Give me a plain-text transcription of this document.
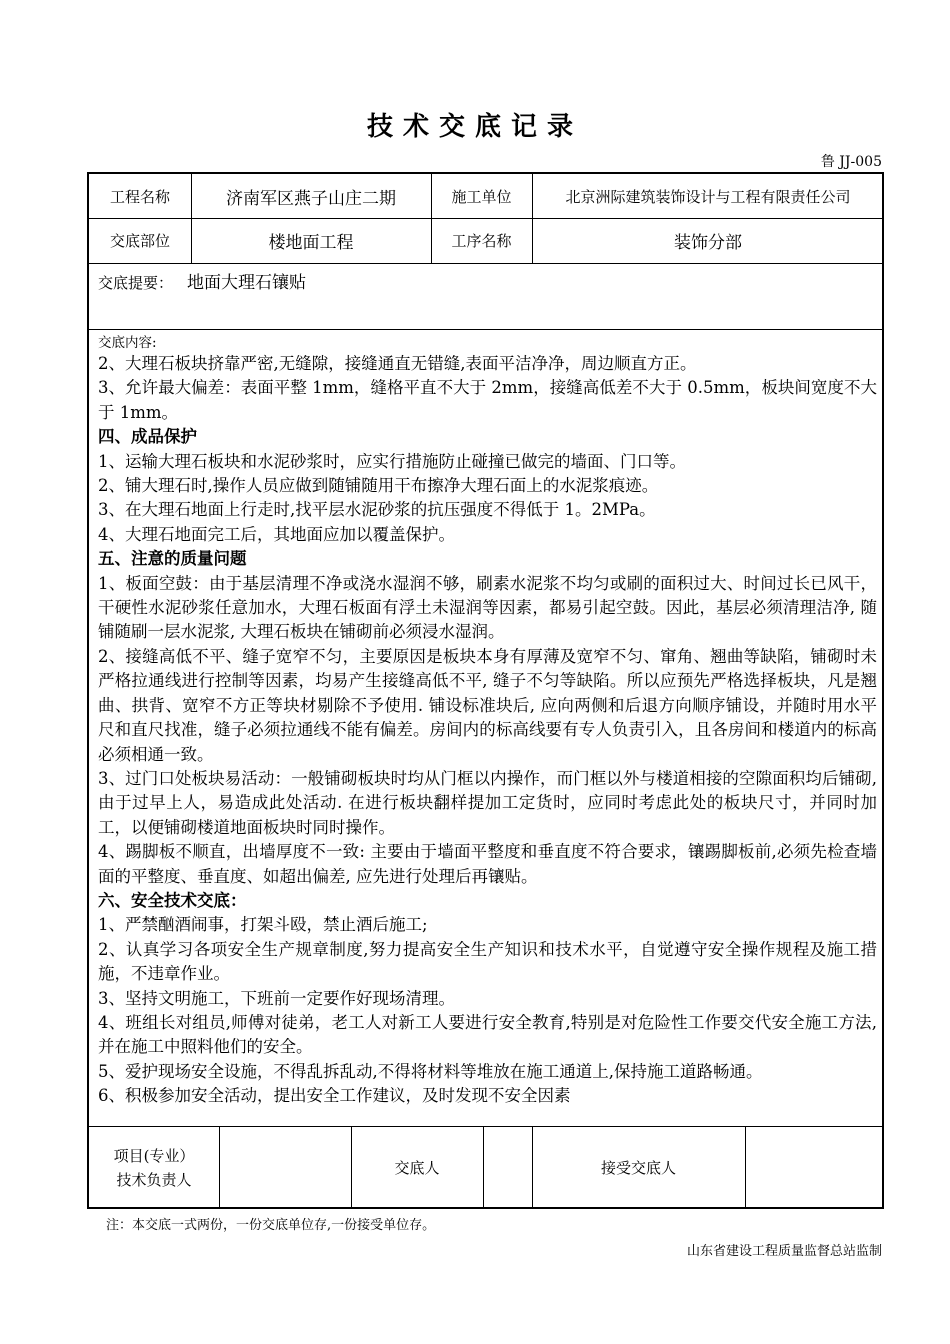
技术交底记录
鲁 JJ-005
工程名称	济南军区燕子山庄二期	施工单位	北京洲际建筑装饰设计与工程有限责任公司
交底部位	楼地面工程	工序名称	装饰分部
交底提要： 地面大理石镶贴
交底内容:

2、大理石板块挤靠严密,无缝隙，接缝通直无错缝,表面平洁净净，周边顺直方正。

3、允许最大偏差：表面平整 1mm，缝格平直不大于 2mm，接缝高低差不大于 0.5mm，板块间宽度不大于 1mm。

四、成品保护

1、运输大理石板块和水泥砂浆时，应实行措施防止碰撞已做完的墙面、门口等。

2、铺大理石时,操作人员应做到随铺随用干布擦净大理石面上的水泥浆痕迹。

3、在大理石地面上行走时,找平层水泥砂浆的抗压强度不得低于 1。2MPa。

4、大理石地面完工后，其地面应加以覆盖保护。

五、注意的质量问题

1、板面空鼓：由于基层清理不净或浇水湿润不够，刷素水泥浆不均匀或刷的面积过大、时间过长已风干，干硬性水泥砂浆任意加水，大理石板面有浮土未湿润等因素，都易引起空鼓。因此，基层必须清理洁净, 随铺随刷一层水泥浆, 大理石板块在铺砌前必须浸水湿润。

2、接缝高低不平、缝子宽窄不匀，主要原因是板块本身有厚薄及宽窄不匀、窜角、翘曲等缺陷，铺砌时未严格拉通线进行控制等因素，均易产生接缝高低不平, 缝子不匀等缺陷。所以应预先严格选择板块，凡是翘曲、拱背、宽窄不方正等块材剔除不予使用. 铺设标准块后, 应向两侧和后退方向顺序铺设，并随时用水平尺和直尺找准，缝子必须拉通线不能有偏差。房间内的标高线要有专人负责引入，且各房间和楼道内的标高必须相通一致。

3、过门口处板块易活动：一般铺砌板块时均从门框以内操作，而门框以外与楼道相接的空隙面积均后铺砌, 由于过早上人，易造成此处活动. 在进行板块翻样提加工定货时，应同时考虑此处的板块尺寸，并同时加工，以便铺砌楼道地面板块时同时操作。

4、踢脚板不顺直，出墙厚度不一致: 主要由于墙面平整度和垂直度不符合要求，镶踢脚板前,必须先检查墙面的平整度、垂直度、如超出偏差, 应先进行处理后再镶贴。

六、安全技术交底：

1、严禁酗酒闹事，打架斗殴，禁止酒后施工;

2、认真学习各项安全生产规章制度,努力提高安全生产知识和技术水平，自觉遵守安全操作规程及施工措施，不违章作业。

3、坚持文明施工，下班前一定要作好现场清理。

4、班组长对组员,师傅对徒弟，老工人对新工人要进行安全教育,特别是对危险性工作要交代安全施工方法,并在施工中照料他们的安全。

5、爱护现场安全设施，不得乱拆乱动,不得将材料等堆放在施工通道上,保持施工道路畅通。

6、积极参加安全活动，提出安全工作建议，及时发现不安全因素

项目(专业）
技术负责人
交底人	接受交底人
注：本交底一式两份，一份交底单位存,一份接受单位存。
山东省建设工程质量监督总站监制
